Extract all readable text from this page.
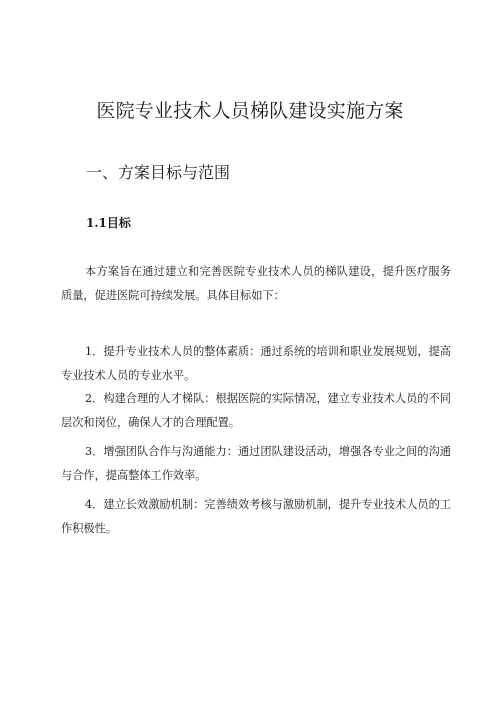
医院专业技术人员梯队建设实施方案
一、方案目标与范围
1.1目标

本方案旨在通过建立和完善医院专业技术人员的梯队建设，提升医疗服务质量，促进医院可持续发展。具体目标如下：

1．提升专业技术人员的整体素质：通过系统的培训和职业发展规划，提高专业技术人员的专业水平。

2．构建合理的人才梯队：根据医院的实际情况，建立专业技术人员的不同层次和岗位，确保人才的合理配置。

3．增强团队合作与沟通能力：通过团队建设活动，增强各专业之间的沟通与合作，提高整体工作效率。

4．建立长效激励机制：完善绩效考核与激励机制，提升专业技术人员的工作积极性。
